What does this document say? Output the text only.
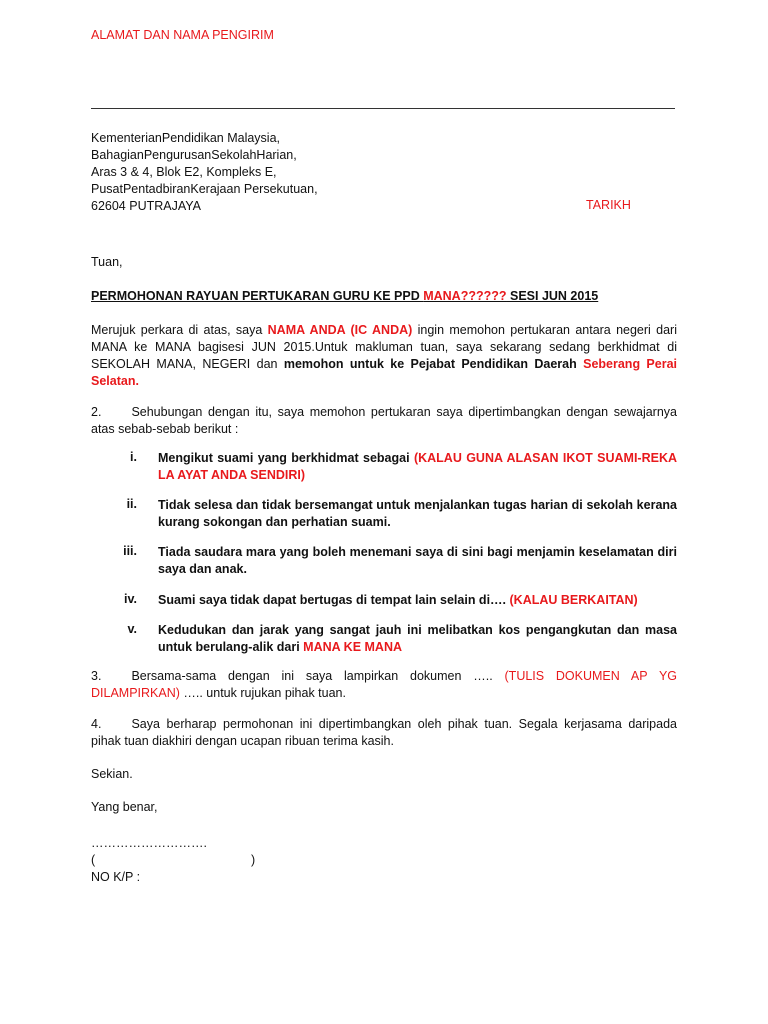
ALAMAT DAN NAMA PENGIRIM
KementerianPendidikan Malaysia,
BahagianPengurusanSekolahHarian,
Aras 3 & 4, Blok E2, Kompleks E,
PusatPentadbiranKerajaan Persekutuan,
62604 PUTRAJAYA	TARIKH
Tuan,
PERMOHONAN RAYUAN PERTUKARAN GURU KE PPD MANA?????? SESI JUN 2015
Merujuk perkara di atas, saya NAMA ANDA (IC ANDA) ingin memohon pertukaran antara negeri dari
MANA ke MANA bagisesi JUN 2015.Untuk makluman tuan, saya sekarang sedang berkhidmat di
SEKOLAH MANA, NEGERI dan memohon untuk ke Pejabat Pendidikan Daerah Seberang Perai
Selatan.
2. Sehubungan dengan itu, saya memohon pertukaran saya dipertimbangkan dengan sewajarnya
atas sebab-sebab berikut :
i. Mengikut suami yang berkhidmat sebagai (KALAU GUNA ALASAN IKOT SUAMI-REKA
LA AYAT ANDA SENDIRI)
ii. Tidak selesa dan tidak bersemangat untuk menjalankan tugas harian di sekolah kerana
kurang sokongan dan perhatian suami.
iii. Tiada saudara mara yang boleh menemani saya di sini bagi menjamin keselamatan diri
saya dan anak.
iv. Suami saya tidak dapat bertugas di tempat lain selain di…. (KALAU BERKAITAN)
v. Kedudukan dan jarak yang sangat jauh ini melibatkan kos pengangkutan dan masa
untuk berulang-alik dari MANA KE MANA
3. Bersama-sama dengan ini saya lampirkan dokumen ….. (TULIS DOKUMEN AP YG
DILAMPIRKAN) ….. untuk rujukan pihak tuan.
4. Saya berharap permohonan ini dipertimbangkan oleh pihak tuan. Segala kerjasama daripada
pihak tuan diakhiri dengan ucapan ribuan terima kasih.
Sekian.
Yang benar,
……………………….
(	)
NO K/P :
